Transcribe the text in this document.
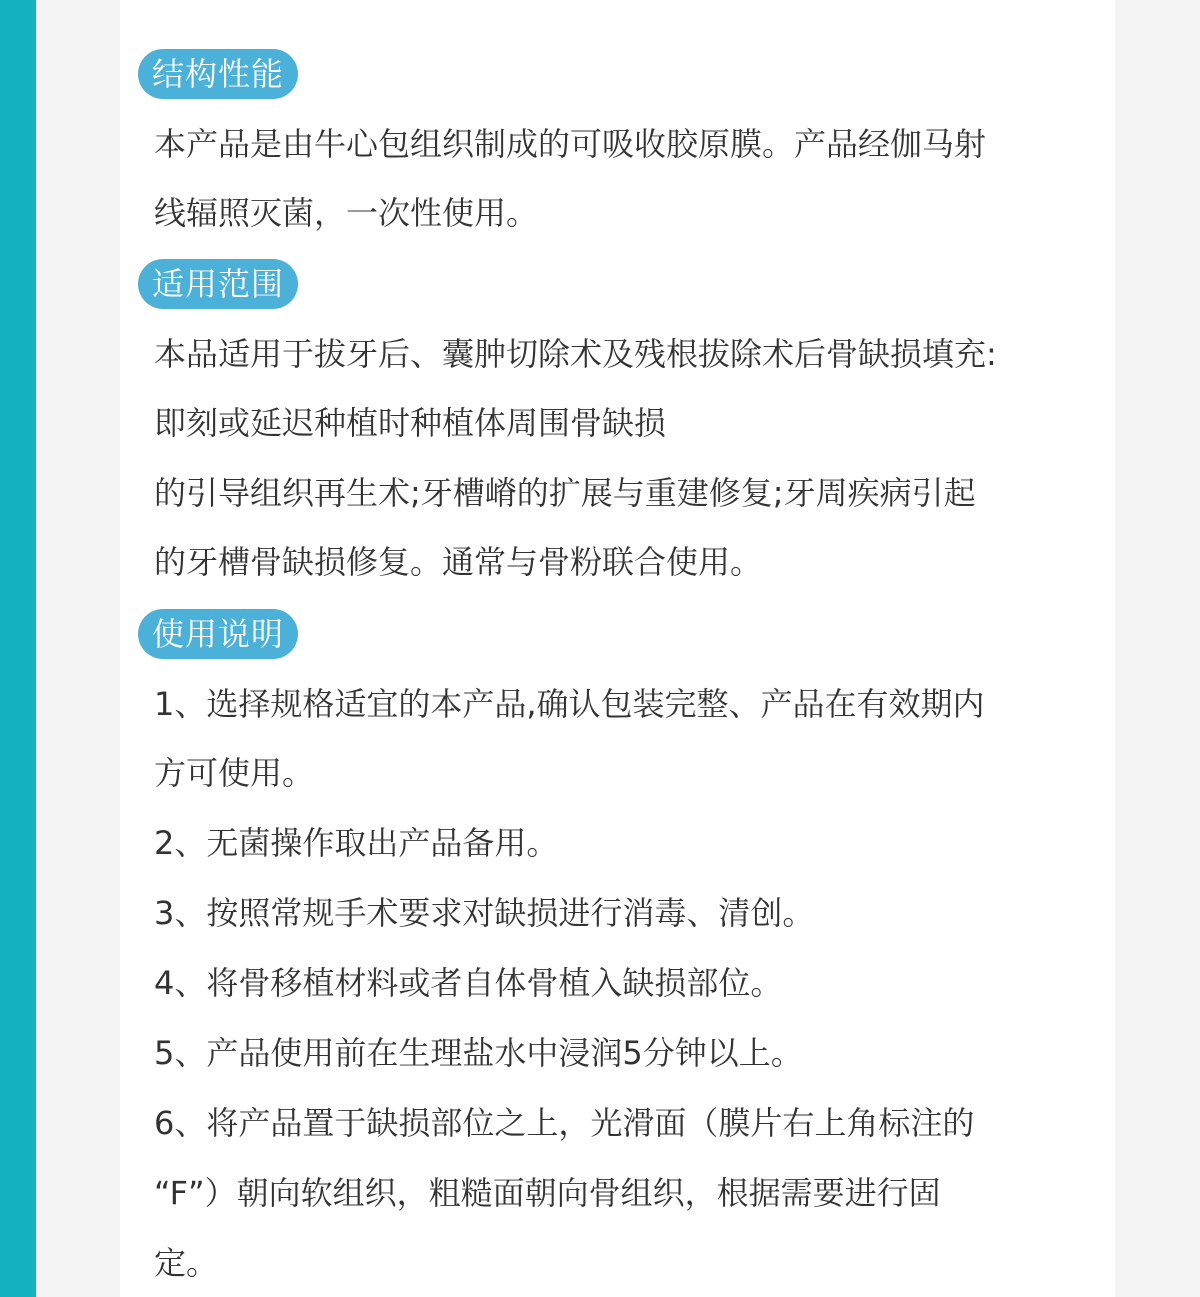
结构性能
本产品是由牛心包组织制成的可吸收胶原膜。产品经伽马射
线辐照灭菌，一次性使用。
适用范围
本品适用于拔牙后、囊肿切除术及残根拔除术后骨缺损填充:
即刻或延迟种植时种植体周围骨缺损
的引导组织再生术;牙槽嵴的扩展与重建修复;牙周疾病引起
的牙槽骨缺损修复。通常与骨粉联合使用。
使用说明
1、选择规格适宜的本产品,确认包装完整、产品在有效期内
方可使用。
2、无菌操作取出产品备用。
3、按照常规手术要求对缺损进行消毒、清创。
4、将骨移植材料或者自体骨植入缺损部位。
5、产品使用前在生理盐水中浸润5分钟以上。
6、将产品置于缺损部位之上，光滑面（膜片右上角标注的
“F”）朝向软组织，粗糙面朝向骨组织，根据需要进行固
定。
